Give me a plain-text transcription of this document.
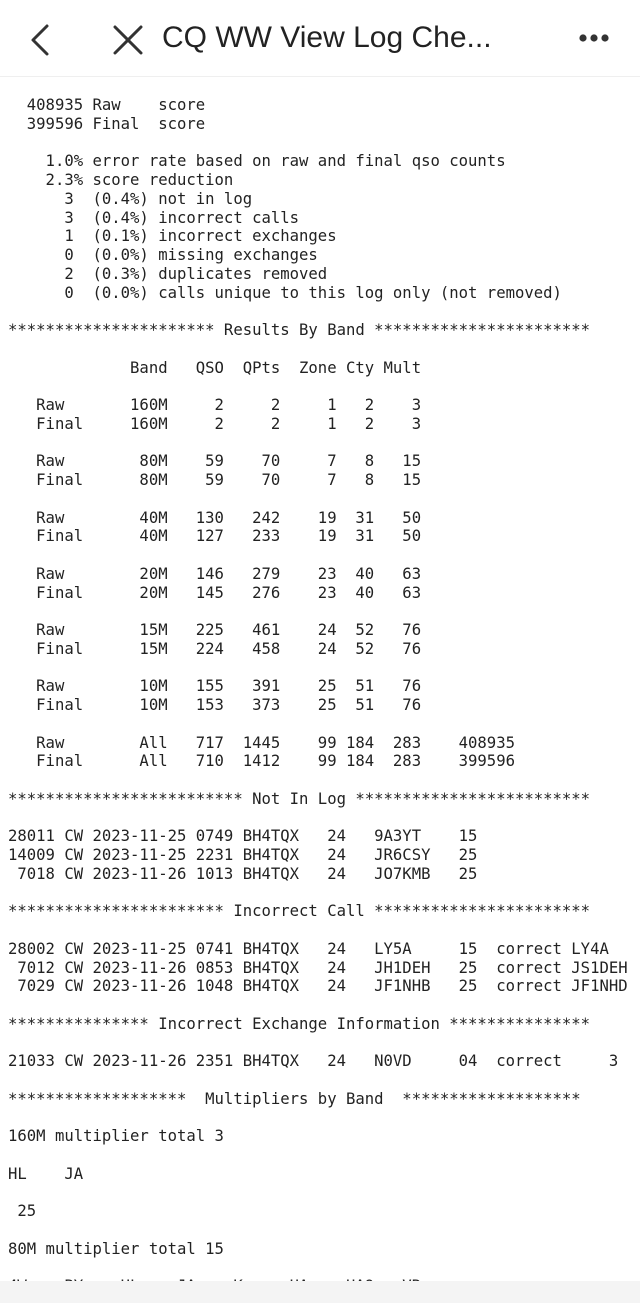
CQ WW View Log Che...
408935 Raw    score
399596 Final  score

1.0% error rate based on raw and final qso counts
2.3% score reduction
3  (0.4%) not in log
3  (0.4%) incorrect calls
1  (0.1%) incorrect exchanges
0  (0.0%) missing exchanges
2  (0.3%) duplicates removed
0  (0.0%) calls unique to this log only (not removed)

********************** Results By Band ***********************

Band   QSO  QPts  Zone Cty Mult

Raw       160M     2     2     1   2    3
Final     160M     2     2     1   2    3

Raw        80M    59    70     7   8   15
Final      80M    59    70     7   8   15

Raw        40M   130   242    19  31   50
Final      40M   127   233    19  31   50

Raw        20M   146   279    23  40   63
Final      20M   145   276    23  40   63

Raw        15M   225   461    24  52   76
Final      15M   224   458    24  52   76

Raw        10M   155   391    25  51   76
Final      10M   153   373    25  51   76

Raw        All   717  1445    99 184  283    408935
Final      All   710  1412    99 184  283    399596

************************* Not In Log *************************

28011 CW 2023-11-25 0749 BH4TQX   24   9A3YT    15
14009 CW 2023-11-25 2231 BH4TQX   24   JR6CSY   25
7018 CW 2023-11-26 1013 BH4TQX   24   JO7KMB   25

*********************** Incorrect Call ***********************

28002 CW 2023-11-25 0741 BH4TQX   24   LY5A     15  correct LY4A
7012 CW 2023-11-26 0853 BH4TQX   24   JH1DEH   25  correct JS1DEH
7029 CW 2023-11-26 1048 BH4TQX   24   JF1NHB   25  correct JF1NHD

*************** Incorrect Exchange Information ***************

21033 CW 2023-11-26 2351 BH4TQX   24   N0VD     04  correct     3

*******************  Multipliers by Band  *******************

160M multiplier total 3

HL    JA

25

80M multiplier total 15
